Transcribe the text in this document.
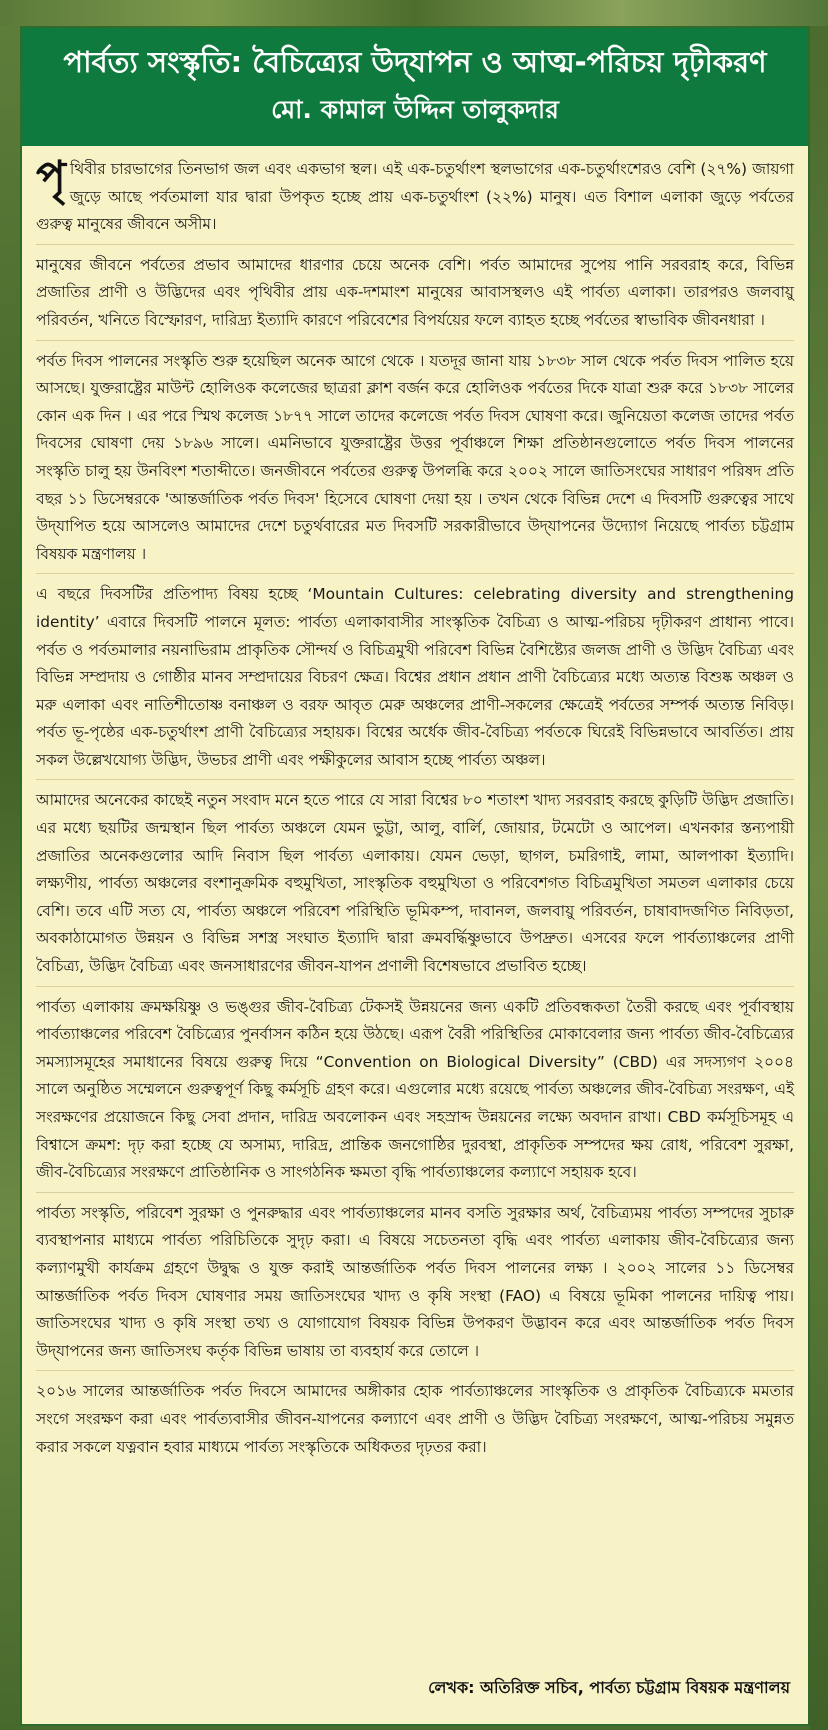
পার্বত্য সংস্কৃতি: বৈচিত্র্যের উদ্‌যাপন ও আত্ম-পরিচয় দৃঢ়ীকরণ
মো. কামাল উদ্দিন তালুকদার

পৃথিবীর চারভাগের তিনভাগ জল এবং একভাগ স্থল। এই এক-চতুর্থাংশ স্থলভাগের এক-চতুর্থাংশেরও বেশি (২৭%) জায়গা জুড়ে আছে পর্বতমালা যার দ্বারা উপকৃত হচ্ছে প্রায় এক-চতুর্থাংশ (২২%) মানুষ। এত বিশাল এলাকা জুড়ে পর্বতের গুরুত্ব মানুষের জীবনে অসীম।

মানুষের জীবনে পর্বতের প্রভাব আমাদের ধারণার চেয়ে অনেক বেশি। পর্বত আমাদের সুপেয় পানি সরবরাহ করে, বিভিন্ন প্রজাতির প্রাণী ও উদ্ভিদের এবং পৃথিবীর প্রায় এক-দশমাংশ মানুষের আবাসস্থলও এই পার্বত্য এলাকা। তারপরও জলবায়ু পরিবর্তন, খনিতে বিস্ফোরণ, দারিদ্র্য ইত্যাদি কারণে পরিবেশের বিপর্যয়ের ফলে ব্যাহত হচ্ছে পর্বতের স্বাভাবিক জীবনধারা ।

পর্বত দিবস পালনের সংস্কৃতি শুরু হয়েছিল অনেক আগে থেকে । যতদূর জানা যায় ১৮৩৮ সাল থেকে পর্বত দিবস পালিত হয়ে আসছে। যুক্তরাষ্ট্রের মাউন্ট হোলিওক কলেজের ছাত্ররা ক্লাশ বর্জন করে হোলিওক পর্বতের দিকে যাত্রা শুরু করে ১৮৩৮ সালের কোন এক দিন । এর পরে স্মিথ কলেজ ১৮৭৭ সালে তাদের কলেজে পর্বত দিবস ঘোষণা করে। জুনিয়েতা কলেজ তাদের পর্বত দিবসের ঘোষণা দেয় ১৮৯৬ সালে। এমনিভাবে যুক্তরাষ্ট্রের উত্তর পূর্বাঞ্চলে শিক্ষা প্রতিষ্ঠানগুলোতে পর্বত দিবস পালনের সংস্কৃতি চালু হয় উনবিংশ শতাব্দীতে। জনজীবনে পর্বতের গুরুত্ব উপলব্ধি করে ২০০২ সালে জাতিসংঘের সাধারণ পরিষদ প্রতি বছর ১১ ডিসেম্বরকে 'আন্তর্জাতিক পর্বত দিবস' হিসেবে ঘোষণা দেয়া হয় । তখন থেকে বিভিন্ন দেশে এ দিবসটি গুরুত্বের সাথে উদ্‌যাপিত হয়ে আসলেও আমাদের দেশে চতুর্থবারের মত দিবসটি সরকারীভাবে উদ্‌যাপনের উদ্যোগ নিয়েছে পার্বত্য চট্টগ্রাম বিষয়ক মন্ত্রণালয় ।

এ বছরে দিবসটির প্রতিপাদ্য বিষয় হচ্ছে ‘Mountain Cultures: celebrating diversity and strengthening identity’ এবারে দিবসটি পালনে মূলত: পার্বত্য এলাকাবাসীর সাংস্কৃতিক বৈচিত্র্য ও আত্ম-পরিচয় দৃঢ়ীকরণ প্রাধান্য পাবে। পর্বত ও পর্বতমালার নয়নাভিরাম প্রাকৃতিক সৌন্দর্য ও বিচিত্রমুখী পরিবেশ বিভিন্ন বৈশিষ্ট্যের জলজ প্রাণী ও উদ্ভিদ বৈচিত্র্য এবং বিভিন্ন সম্প্রদায় ও গোষ্ঠীর মানব সম্প্রদায়ের বিচরণ ক্ষেত্র। বিশ্বের প্রধান প্রধান প্রাণী বৈচিত্র্যের মধ্যে অত্যন্ত বিশুষ্ক অঞ্চল ও মরু এলাকা এবং নাতিশীতোষ্ণ বনাঞ্চল ও বরফ আবৃত মেরু অঞ্চলের প্রাণী-সকলের ক্ষেত্রেই পর্বতের সম্পর্ক অত্যন্ত নিবিড়। পর্বত ভূ-পৃষ্ঠের এক-চতুর্থাংশ প্রাণী বৈচিত্র্যের সহায়ক। বিশ্বের অর্ধেক জীব-বৈচিত্র্য পর্বতকে ঘিরেই বিভিন্নভাবে আবর্তিত। প্রায় সকল উল্লেখযোগ্য উদ্ভিদ, উভচর প্রাণী এবং পক্ষীকুলের আবাস হচ্ছে পার্বত্য অঞ্চল।

আমাদের অনেকের কাছেই নতুন সংবাদ মনে হতে পারে যে সারা বিশ্বের ৮০ শতাংশ খাদ্য সরবরাহ করছে কুড়িটি উদ্ভিদ প্রজাতি। এর মধ্যে ছয়টির জন্মস্থান ছিল পার্বত্য অঞ্চলে যেমন ভুট্টা, আলু, বার্লি, জোয়ার, টমেটো ও আপেল। এখনকার স্তন্যপায়ী প্রজাতির অনেকগুলোর আদি নিবাস ছিল পার্বত্য এলাকায়। যেমন ভেড়া, ছাগল, চমরিগাই, লামা, আলপাকা ইত্যাদি। লক্ষ্যণীয়, পার্বত্য অঞ্চলের বংশানুক্রমিক বহুমুখিতা, সাংস্কৃতিক বহুমুখিতা ও পরিবেশগত বিচিত্রমুখিতা সমতল এলাকার চেয়ে বেশি। তবে এটি সত্য যে, পার্বত্য অঞ্চলে পরিবেশ পরিস্থিতি ভূমিকম্প, দাবানল, জলবায়ু পরিবর্তন, চাষাবাদজণিত নিবিড়তা, অবকাঠামোগত উন্নয়ন ও বিভিন্ন সশস্ত্র সংঘাত ইত্যাদি দ্বারা ক্রমবর্দ্ধিষ্ণুভাবে উপদ্রুত। এসবের ফলে পার্বত্যাঞ্চলের প্রাণী বৈচিত্র্য, উদ্ভিদ বৈচিত্র্য এবং জনসাধারণের জীবন-যাপন প্রণালী বিশেষভাবে প্রভাবিত হচ্ছে।

পার্বত্য এলাকায় ক্রমক্ষয়িষ্ণু ও ভঙ্গুর জীব-বৈচিত্র্য টেকসই উন্নয়নের জন্য একটি প্রতিবন্ধকতা তৈরী করছে এবং পূর্বাবস্থায় পার্বত্যাঞ্চলের পরিবেশ বৈচিত্র্যের পুনর্বাসন কঠিন হয়ে উঠছে। এরূপ বৈরী পরিস্থিতির মোকাবেলার জন্য পার্বত্য জীব-বৈচিত্র্যের সমস্যাসমূহের সমাধানের বিষয়ে গুরুত্ব দিয়ে “Convention on Biological Diversity” (CBD) এর সদস্যগণ ২০০৪ সালে অনুষ্ঠিত সম্মেলনে গুরুত্বপূর্ণ কিছু কর্মসূচি গ্রহণ করে। এগুলোর মধ্যে রয়েছে পার্বত্য অঞ্চলের জীব-বৈচিত্র্য সংরক্ষণ, এই সংরক্ষণের প্রয়োজনে কিছু সেবা প্রদান, দারিদ্র অবলোকন এবং সহস্রাব্দ উন্নয়নের লক্ষ্যে অবদান রাখা। CBD কর্মসূচিসমূহ এ বিশ্বাসে ক্রমশ: দৃঢ় করা হচ্ছে যে অসাম্য, দারিদ্র, প্রান্তিক জনগোষ্ঠির দুরবস্থা, প্রাকৃতিক সম্পদের ক্ষয় রোধ, পরিবেশ সুরক্ষা, জীব-বৈচিত্র্যের সংরক্ষণে প্রাতিষ্ঠানিক ও সাংগঠনিক ক্ষমতা বৃদ্ধি পার্বত্যাঞ্চলের কল্যাণে সহায়ক হবে।

পার্বত্য সংস্কৃতি, পরিবেশ সুরক্ষা ও পুনরুদ্ধার এবং পার্বত্যাঞ্চলের মানব বসতি সুরক্ষার অর্থ, বৈচিত্র্যময় পার্বত্য সম্পদের সুচারু ব্যবস্থাপনার মাধ্যমে পার্বত্য পরিচিতিকে সুদৃঢ় করা। এ বিষয়ে সচেতনতা বৃদ্ধি এবং পার্বত্য এলাকায় জীব-বৈচিত্র্যের জন্য কল্যাণমুখী কার্যক্রম গ্রহণে উদ্বুদ্ধ ও যুক্ত করাই আন্তর্জাতিক পর্বত দিবস পালনের লক্ষ্য । ২০০২ সালের ১১ ডিসেম্বর আন্তর্জাতিক পর্বত দিবস ঘোষণার সময় জাতিসংঘের খাদ্য ও কৃষি সংস্থা (FAO) এ বিষয়ে ভূমিকা পালনের দায়িত্ব পায়। জাতিসংঘের খাদ্য ও কৃষি সংস্থা তথ্য ও যোগাযোগ বিষয়ক বিভিন্ন উপকরণ উদ্ভাবন করে এবং আন্তর্জাতিক পর্বত দিবস উদ্‌যাপনের জন্য জাতিসংঘ কর্তৃক বিভিন্ন ভাষায় তা ব্যবহার্য করে তোলে ।

২০১৬ সালের আন্তর্জাতিক পর্বত দিবসে আমাদের অঙ্গীকার হোক পার্বত্যাঞ্চলের সাংস্কৃতিক ও প্রাকৃতিক বৈচিত্র্যকে মমতার সংগে সংরক্ষণ করা এবং পার্বত্যবাসীর জীবন-যাপনের কল্যাণে এবং প্রাণী ও উদ্ভিদ বৈচিত্র্য সংরক্ষণে, আত্ম-পরিচয় সমুন্নত করার সকলে যত্নবান হবার মাধ্যমে পার্বত্য সংস্কৃতিকে অধিকতর দৃঢ়তর করা।

লেখক: অতিরিক্ত সচিব, পার্বত্য চট্টগ্রাম বিষয়ক মন্ত্রণালয়
